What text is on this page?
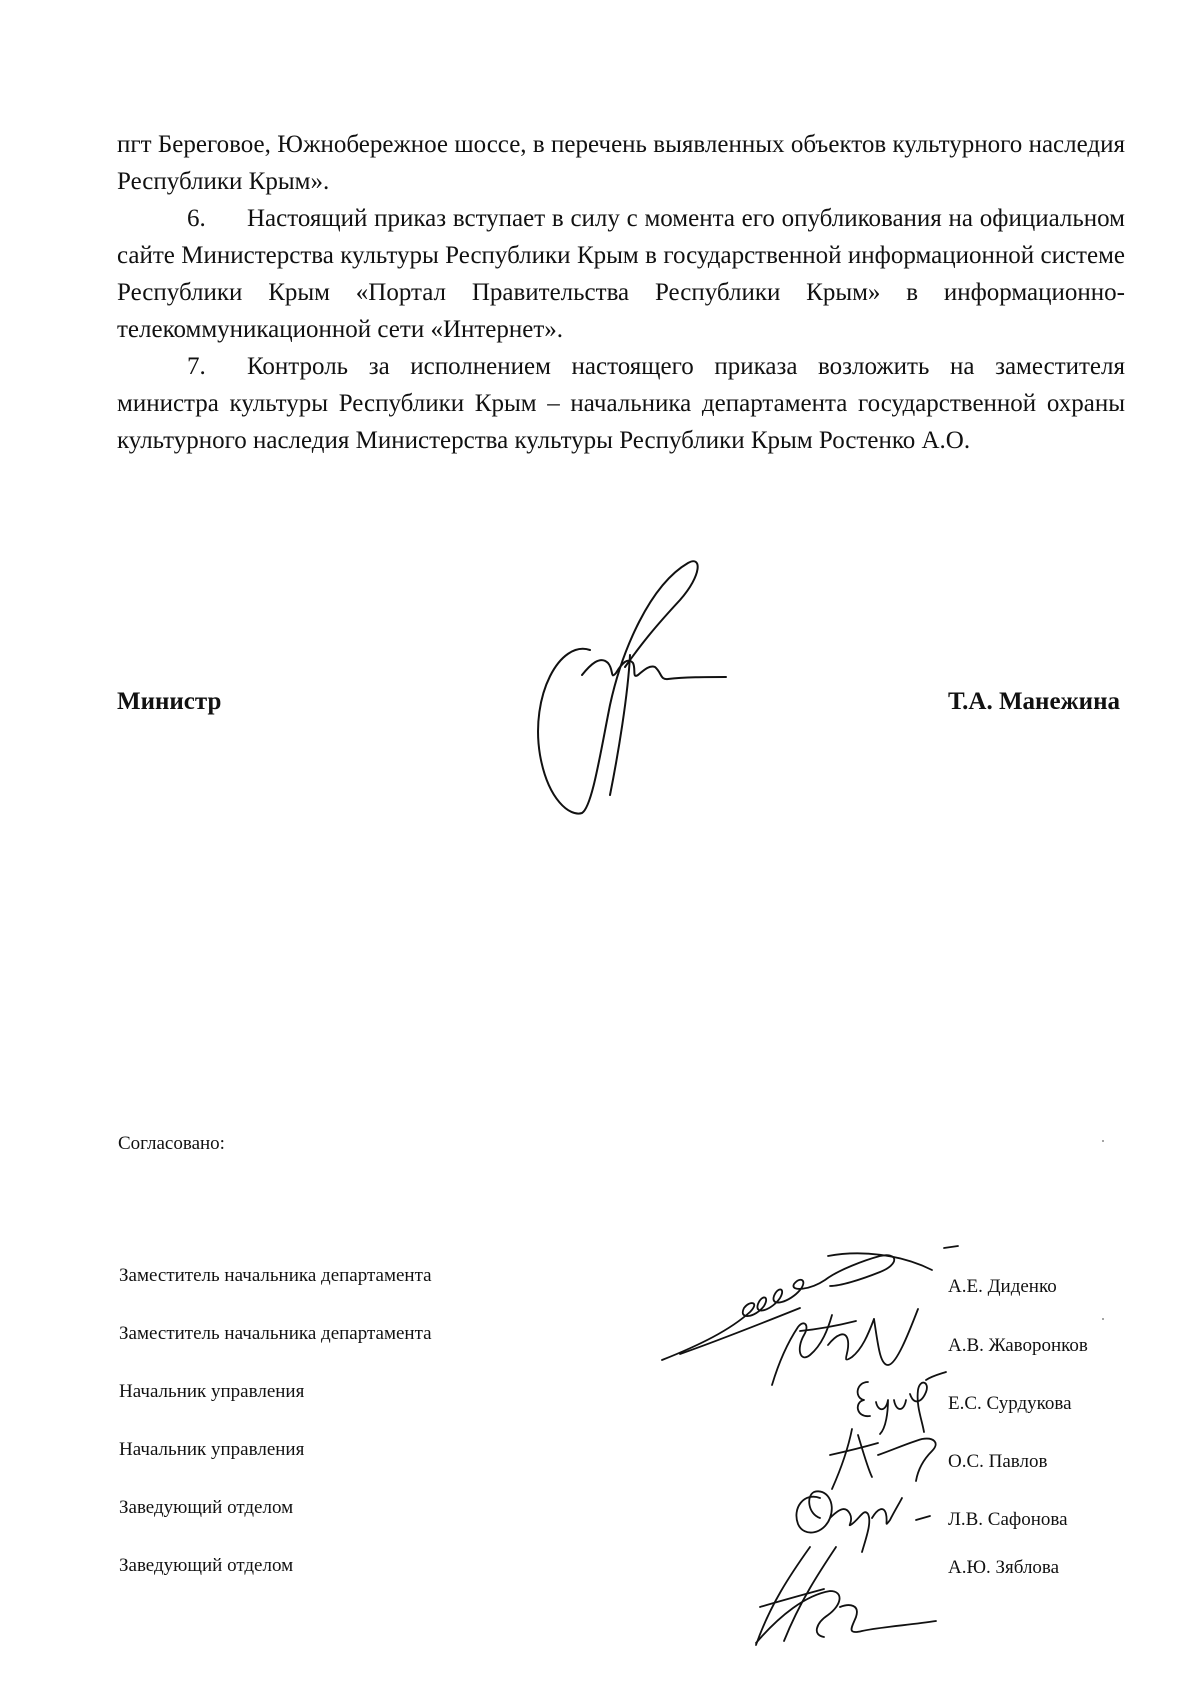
пгт Береговое, Южнобережное шоссе, в перечень выявленных объектов культурного наследия Республики Крым».

6. Настоящий приказ вступает в силу с момента его опубликования на официальном сайте Министерства культуры Республики Крым в государственной информационной системе Республики Крым «Портал Правительства Республики Крым» в информационно-телекоммуникационной сети «Интернет».

7. Контроль за исполнением настоящего приказа возложить на заместителя министра культуры Республики Крым – начальника департамента государственной охраны культурного наследия Министерства культуры Республики Крым Ростенко А.О.

Министр	Т.А. Манежина
Согласовано:
Заместитель начальника департамента
А.Е. Диденко
Заместитель начальника департамента
А.В. Жаворонков
Начальник управления
Е.С. Сурдукова
Начальник управления
О.С. Павлов
Заведующий отделом
Л.В. Сафонова
Заведующий отделом	А.Ю. Зяблова
